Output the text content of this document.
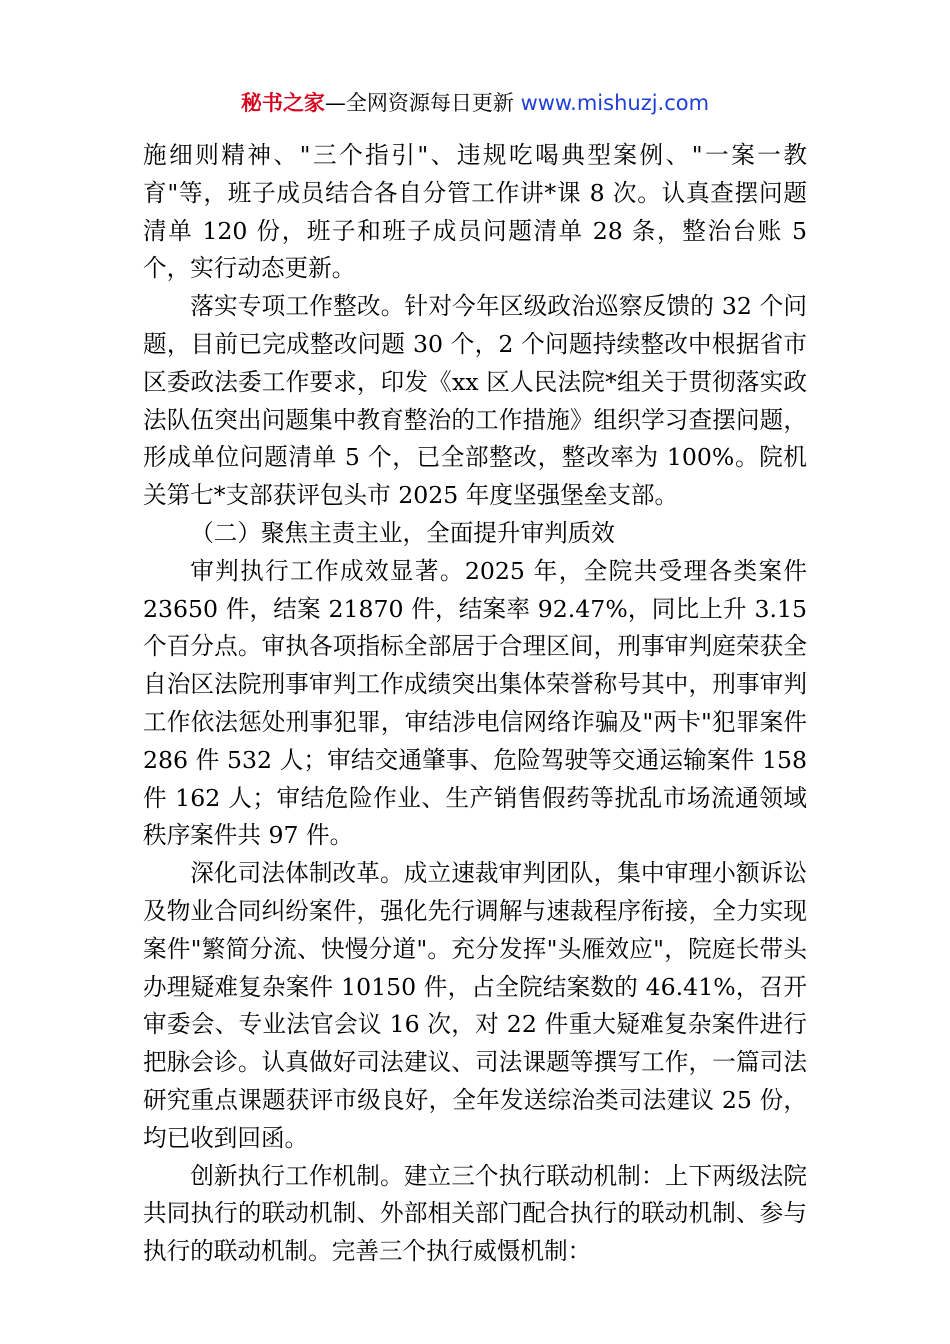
秘书之家—全网资源每日更新 www.mishuzj.com

施细则精神、"三个指引"、违规吃喝典型案例、"一案一教育"等，班子成员结合各自分管工作讲*课 8 次。认真查摆问题清单 120 份，班子和班子成员问题清单 28 条，整治台账 5 个，实行动态更新。

落实专项工作整改。针对今年区级政治巡察反馈的 32 个问题，目前已完成整改问题 30 个，2 个问题持续整改中根据省市区委政法委工作要求，印发《xx 区人民法院*组关于贯彻落实政法队伍突出问题集中教育整治的工作措施》组织学习查摆问题，形成单位问题清单 5 个，已全部整改，整改率为 100%。院机关第七*支部获评包头市 2025 年度坚强堡垒支部。

（二）聚焦主责主业，全面提升审判质效

审判执行工作成效显著。2025 年，全院共受理各类案件 23650 件，结案 21870 件，结案率 92.47%，同比上升 3.15 个百分点。审执各项指标全部居于合理区间，刑事审判庭荣获全自治区法院刑事审判工作成绩突出集体荣誉称号其中，刑事审判工作依法惩处刑事犯罪，审结涉电信网络诈骗及"两卡"犯罪案件 286 件 532 人；审结交通肇事、危险驾驶等交通运输案件 158 件 162 人；审结危险作业、生产销售假药等扰乱市场流通领域秩序案件共 97 件。

深化司法体制改革。成立速裁审判团队，集中审理小额诉讼及物业合同纠纷案件，强化先行调解与速裁程序衔接，全力实现案件"繁简分流、快慢分道"。充分发挥"头雁效应"，院庭长带头办理疑难复杂案件 10150 件，占全院结案数的 46.41%，召开审委会、专业法官会议 16 次，对 22 件重大疑难复杂案件进行把脉会诊。认真做好司法建议、司法课题等撰写工作，一篇司法研究重点课题获评市级良好，全年发送综治类司法建议 25 份，均已收到回函。

创新执行工作机制。建立三个执行联动机制：上下两级法院共同执行的联动机制、外部相关部门配合执行的联动机制、参与执行的联动机制。完善三个执行威慑机制：
